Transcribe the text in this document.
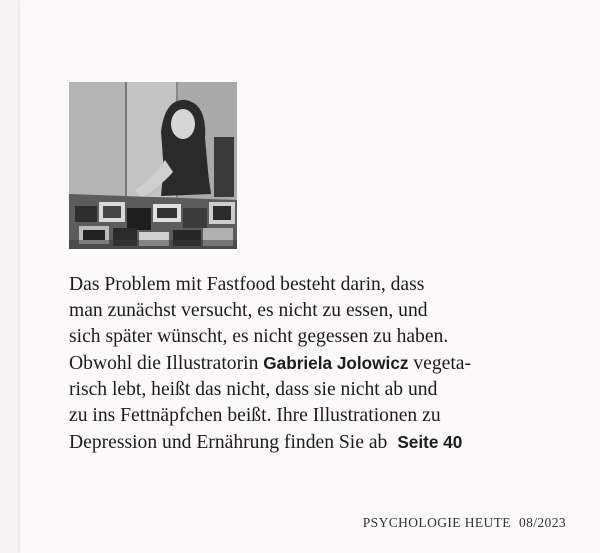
Das Problem mit Fastfood besteht darin, dass
man zunächst versucht, es nicht zu essen, und
sich später wünscht, es nicht gegessen zu haben.
Obwohl die Illustratorin Gabriela Jolowicz vegeta-
risch lebt, heißt das nicht, dass sie nicht ab und
zu ins Fettnäpfchen beißt. Ihre Illustrationen zu
Depression und Ernährung finden Sie ab Seite 40

PSYCHOLOGIE HEUTE 08/2023
